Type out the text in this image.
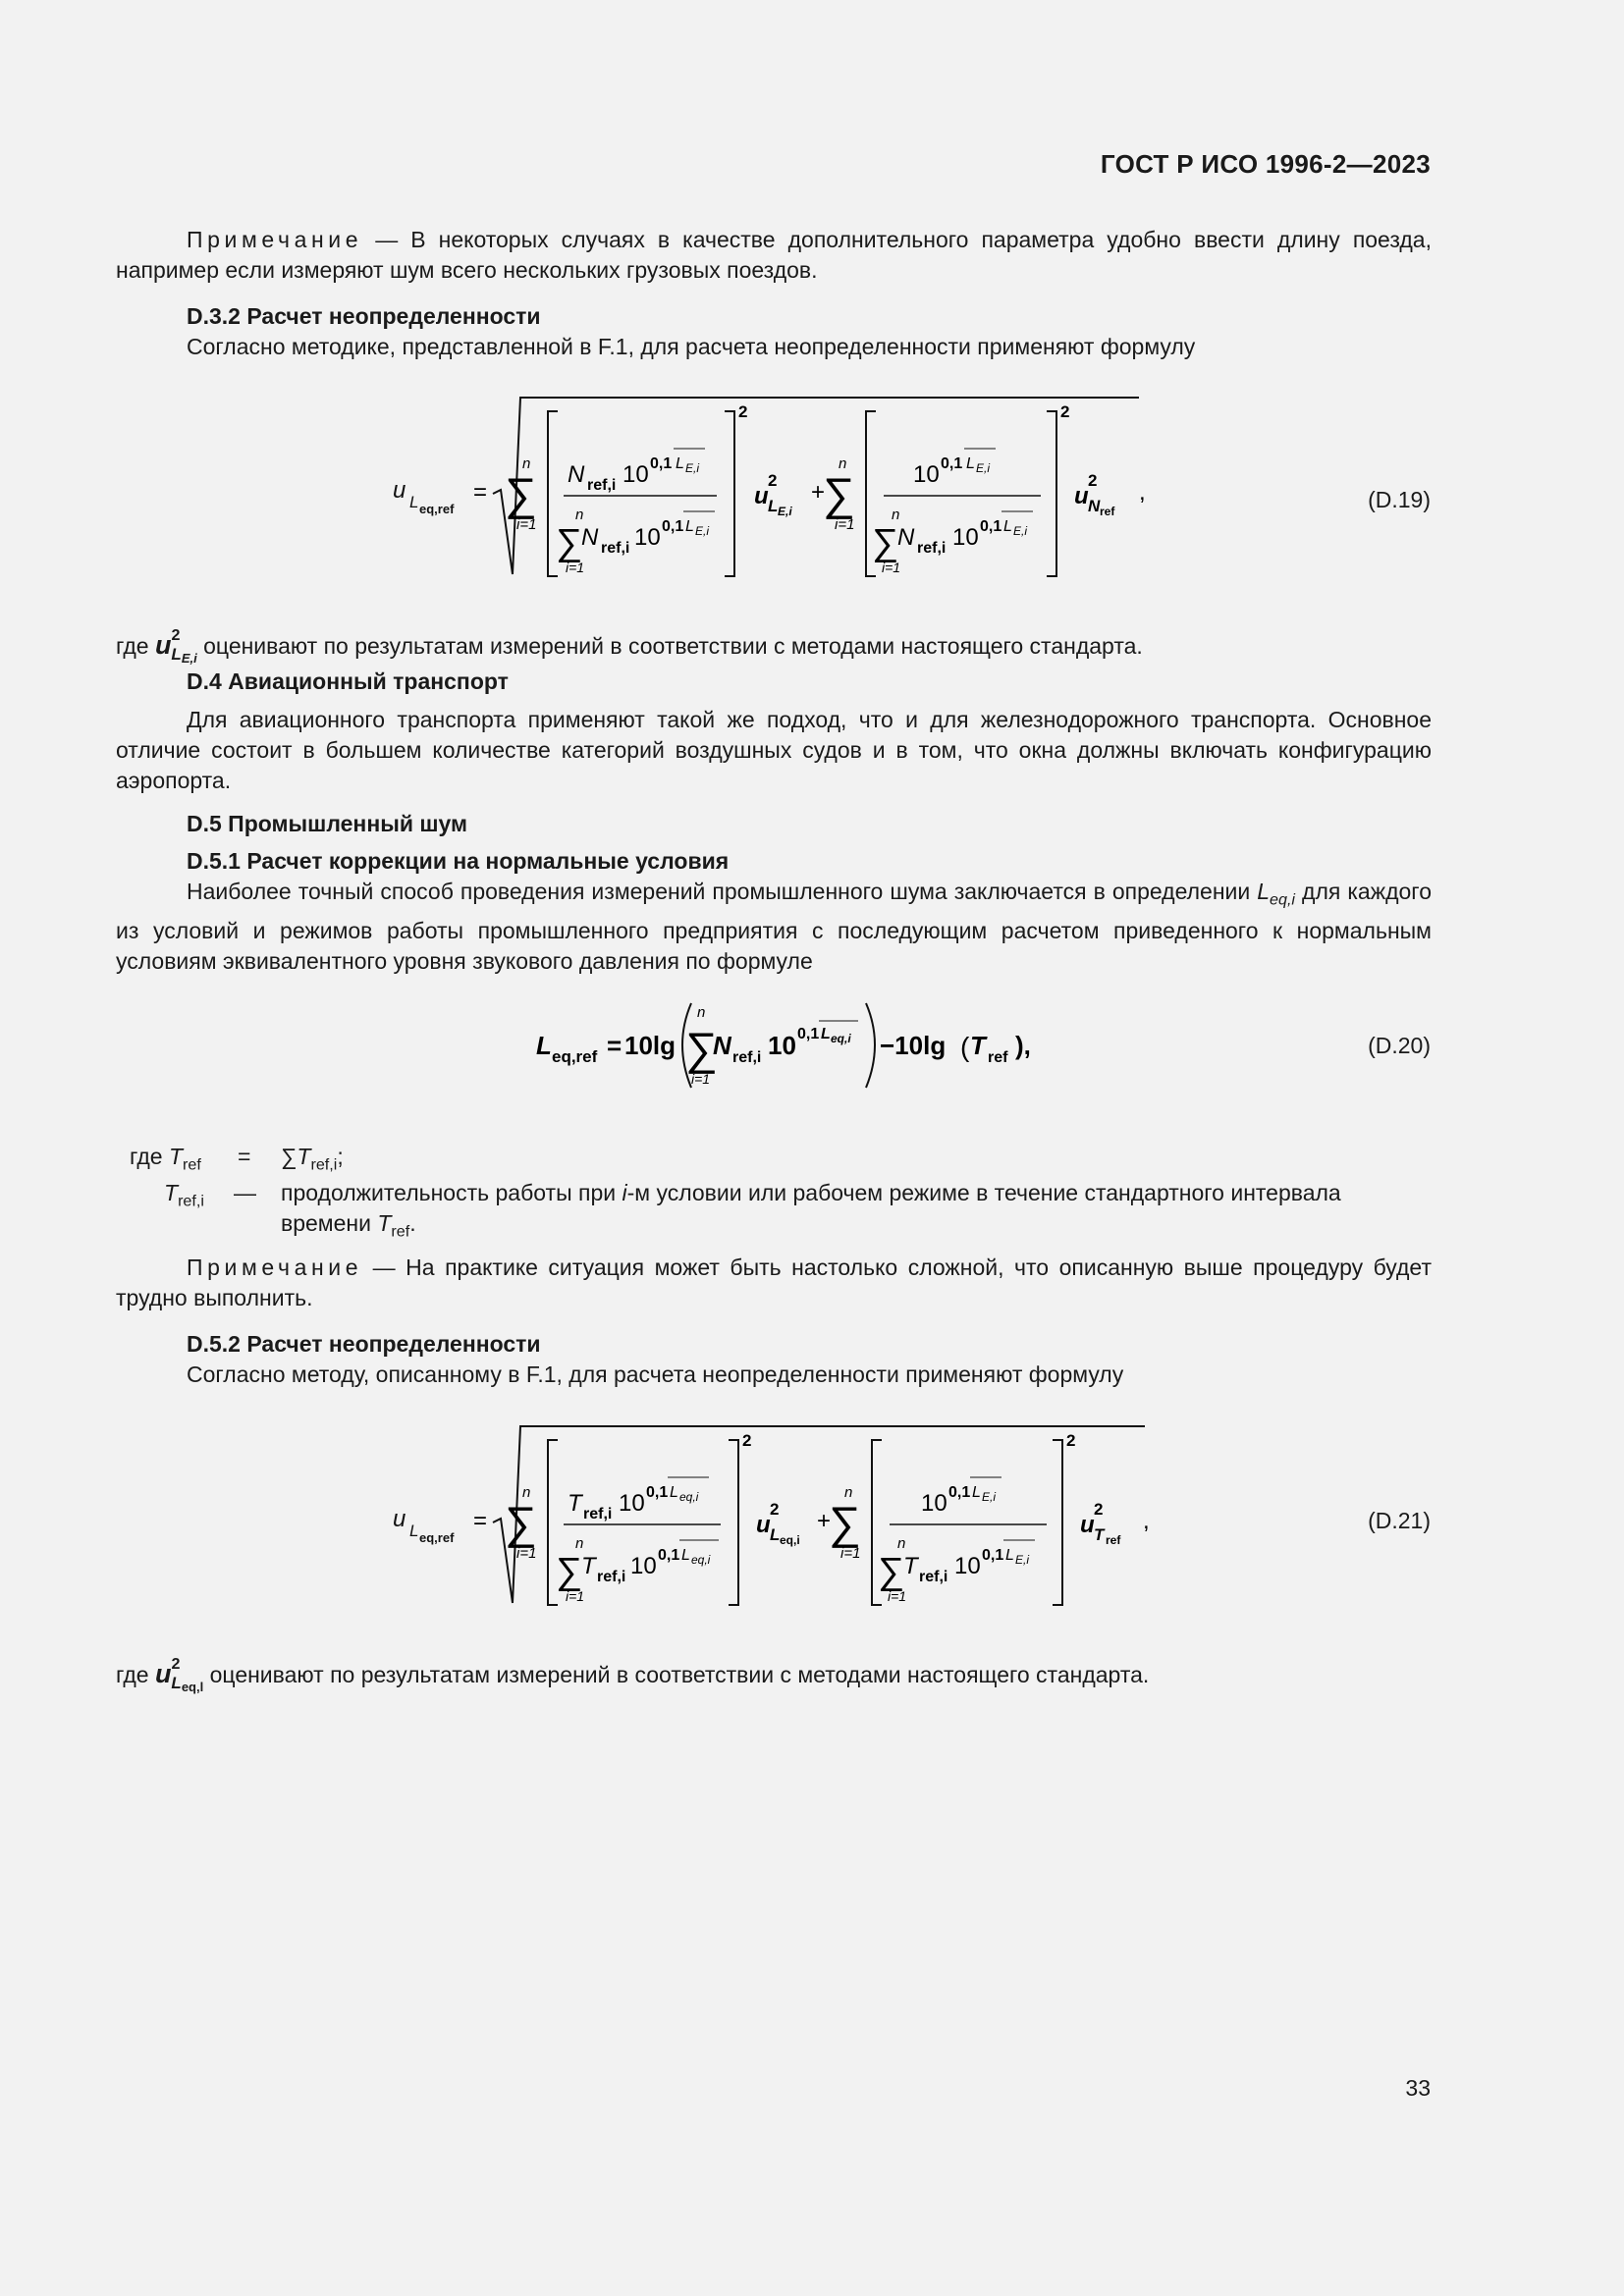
ГОСТ Р ИСО 1996-2—2023
Примечание — В некоторых случаях в качестве дополнительного параметра удобно ввести длину поезда, например если измеряют шум всего нескольких грузовых поездов.
D.3.2 Расчет неопределенности
Согласно методике, представленной в F.1, для расчета неопределенности применяют формулу
u L eq,ref
=
n
∑
i=1
N ref,i 10 0,1 L E,i
n
∑
i=1
N ref,i 10 0,1 L E,i
2
u
2
L E,i
+
n
∑
i=1
10 0,1 L E,i
n
∑
i=1
N ref,i 10 0,1 L E,i
2
u
2
N ref
,	(D.19)
где $u^2_{LE,i}$ оценивают по результатам измерений в соответствии с методами настоящего стандарта.
D.4 Авиационный транспорт
Для авиационного транспорта применяют такой же подход, что и для железнодорожного транспорта. Основное отличие состоит в большем количестве категорий воздушных судов и в том, что окна должны включать конфигурацию аэропорта.
D.5 Промышленный шум
D.5.1 Расчет коррекции на нормальные условия
Наиболее точный способ проведения измерений промышленного шума заключается в определении $L_{eq,i}$ для каждого из условий и режимов работы промышленного предприятия с последующим расчетом приведенного к нормальным условиям эквивалентного уровня звукового давления по формуле
L eq,ref = 10lg
n
∑
i=1
N ref,i 10 0,1 L eq,i −10lg ( T ref ),	(D.20)
где $T_{ref} = \sum T_{ref,i}$;
$T_{ref,i}$ — продолжительность работы при i-м условии или рабочем режиме в течение стандартного интервала
времени $T_{ref}$.
Примечание — На практике ситуация может быть настолько сложной, что описанную выше процедуру будет трудно выполнить.
D.5.2 Расчет неопределенности
Согласно методу, описанному в F.1, для расчета неопределенности применяют формулу
u L eq,ref
=
n
∑
i=1
T ref,i 10 0,1 L eq,i
n
∑
i=1
T ref,i 10 0,1 L eq,i
2
u
2
L eq,i
+
n
∑
i=1
10 0,1 L E,i
n
∑
i=1
T ref,i 10 0,1 L E,i
2
u
2
T ref
,	(D.21)
где $u^2_{Leq,l}$ оценивают по результатам измерений в соответствии с методами настоящего стандарта.
33
